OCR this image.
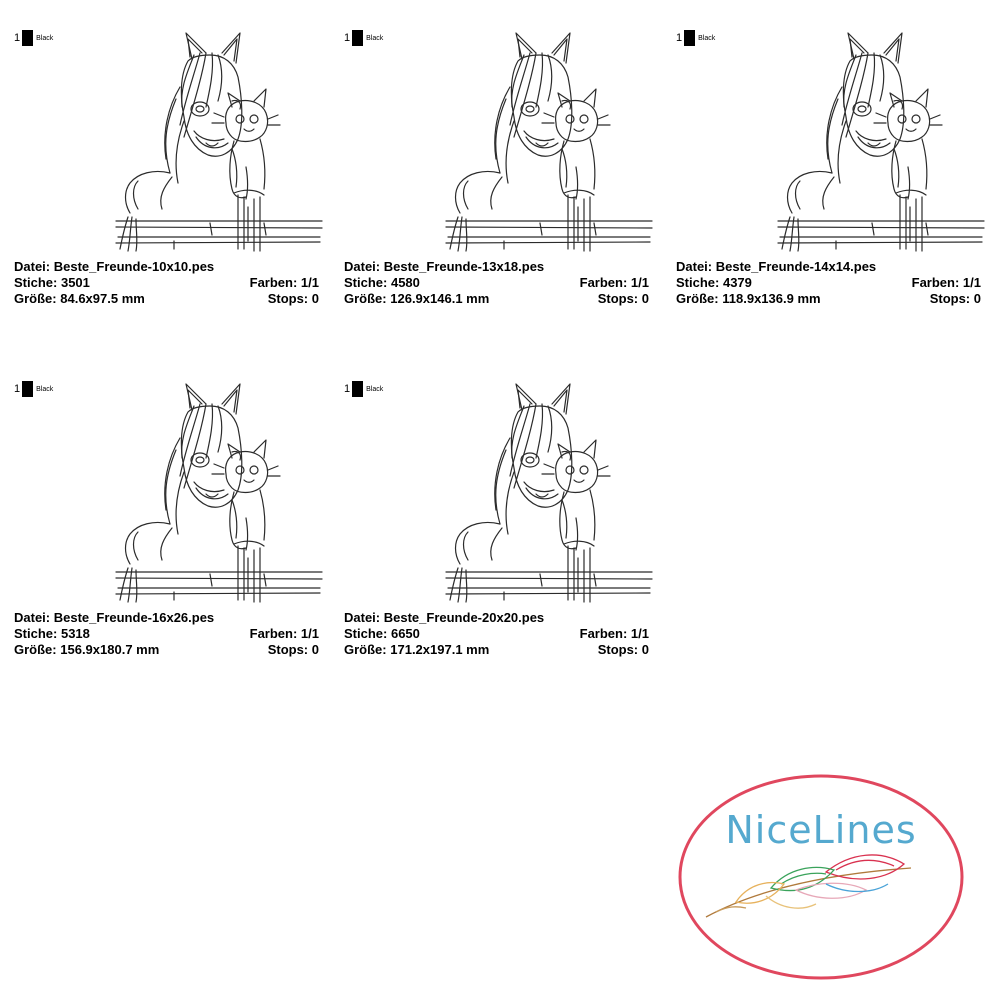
1 Black
Datei: Beste_Freunde-10x10.pes
Stiche: 3501	Farben: 1/1
Größe: 84.6x97.5 mm	Stops: 0
1 Black
Datei: Beste_Freunde-13x18.pes
Stiche: 4580	Farben: 1/1
Größe: 126.9x146.1 mm	Stops: 0
1 Black
Datei: Beste_Freunde-14x14.pes
Stiche: 4379	Farben: 1/1
Größe: 118.9x136.9 mm	Stops: 0
1 Black
Datei: Beste_Freunde-16x26.pes
Stiche: 5318	Farben: 1/1
Größe: 156.9x180.7 mm	Stops: 0
1 Black
Datei: Beste_Freunde-20x20.pes
Stiche: 6650	Farben: 1/1
Größe: 171.2x197.1 mm	Stops: 0
NiceLines
